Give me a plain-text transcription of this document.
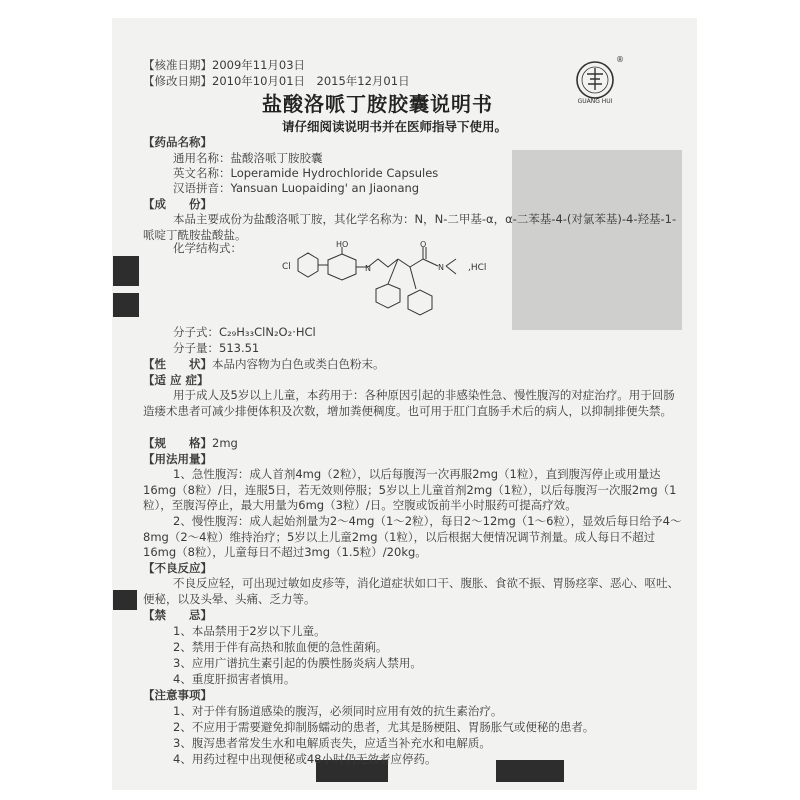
GUANG HUI
®
【核准日期】2009年11月03日
【修改日期】2010年10月01日　2015年12月01日
盐酸洛哌丁胺胶囊说明书
请仔细阅读说明书并在医师指导下使用。
【药品名称】
通用名称：盐酸洛哌丁胺胶囊
英文名称：Loperamide Hydrochloride Capsules
汉语拼音：Yansuan Luopaiding' an Jiaonang
【成　　份】
本品主要成份为盐酸洛哌丁胺，其化学名称为：N，N-二甲基-α，α-二苯基-4-(对氯苯基)-4-羟基-1-哌啶丁酰胺盐酸盐。
化学结构式：
Cl
HO
N
O
N	,HCl
分子式：C₂₉H₃₃ClN₂O₂·HCl
分子量：513.51
【性　　状】本品内容物为白色或类白色粉末。
【适 应 症】
用于成人及5岁以上儿童，本药用于：各种原因引起的非感染性急、慢性腹泻的对症治疗。用于回肠造瘘术患者可减少排便体积及次数，增加粪便稠度。也可用于肛门直肠手术后的病人，以抑制排便失禁。
【规　　格】2mg
【用法用量】
1、急性腹泻：成人首剂4mg（2粒），以后每腹泻一次再服2mg（1粒），直到腹泻停止或用量达16mg（8粒）/日，连服5日，若无效则停服；5岁以上儿童首剂2mg（1粒），以后每腹泻一次服2mg（1粒），至腹泻停止，最大用量为6mg（3粒）/日。空腹或饭前半小时服药可提高疗效。
2、慢性腹泻：成人起始剂量为2～4mg（1～2粒），每日2～12mg（1～6粒），显效后每日给予4～8mg（2～4粒）维持治疗；5岁以上儿童2mg（1粒），以后根据大便情况调节剂量。成人每日不超过16mg（8粒），儿童每日不超过3mg（1.5粒）/20kg。
【不良反应】
不良反应轻，可出现过敏如皮疹等，消化道症状如口干、腹胀、食欲不振、胃肠痉挛、恶心、呕吐、便秘，以及头晕、头痛、乏力等。
【禁　　忌】
1、本品禁用于2岁以下儿童。
2、禁用于伴有高热和脓血便的急性菌痢。
3、应用广谱抗生素引起的伪膜性肠炎病人禁用。
4、重度肝损害者慎用。
【注意事项】
1、对于伴有肠道感染的腹泻，必须同时应用有效的抗生素治疗。
2、不应用于需要避免抑制肠蠕动的患者，尤其是肠梗阻、胃肠胀气或便秘的患者。
3、腹泻患者常发生水和电解质丧失，应适当补充水和电解质。
4、用药过程中出现便秘或48小时仍无效者应停药。
